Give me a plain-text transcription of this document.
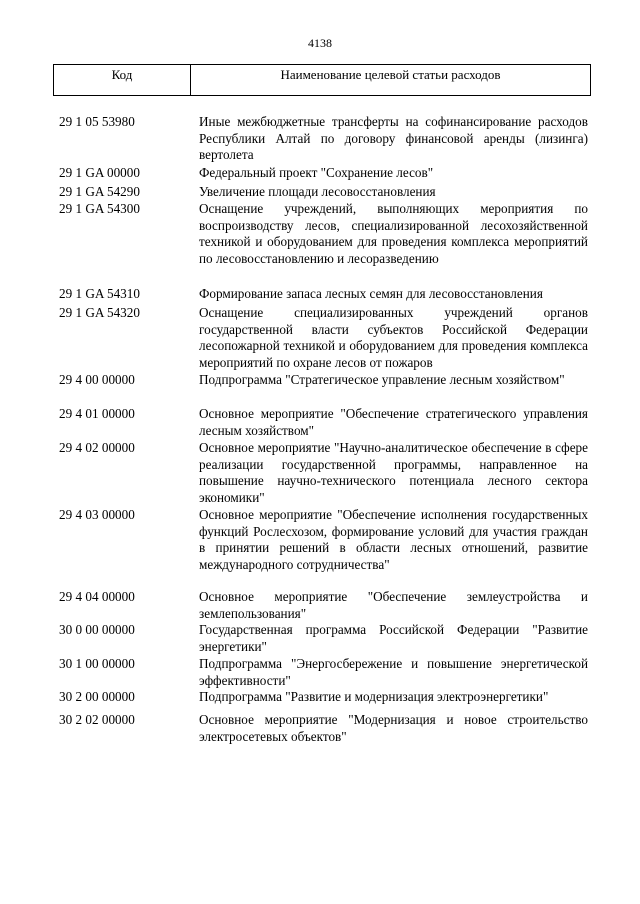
4138
Код	Наименование целевой статьи расходов
29 1 05 53980	Иные межбюджетные трансферты на софинансирование расходов Республики Алтай по договору финансовой аренды (лизинга) вертолета
29 1 GA 00000	Федеральный проект "Сохранение лесов"
29 1 GA 54290	Увеличение площади лесовосстановления
29 1 GA 54300	Оснащение учреждений, выполняющих мероприятия по воспроизводству лесов, специализированной лесохозяйственной техникой и оборудованием для проведения комплекса мероприятий по лесовосстановлению и лесоразведению
29 1 GA 54310	Формирование запаса лесных семян для лесовосстановления
29 1 GA 54320	Оснащение специализированных учреждений органов государственной власти субъектов Российской Федерации лесопожарной техникой и оборудованием для проведения комплекса мероприятий по охране лесов от пожаров
29 4 00 00000	Подпрограмма "Стратегическое управление лесным хозяйством"
29 4 01 00000	Основное мероприятие "Обеспечение стратегического управления лесным хозяйством"
29 4 02 00000	Основное мероприятие "Научно-аналитическое обеспечение в сфере реализации государственной программы, направленное на повышение научно-технического потенциала лесного сектора экономики"
29 4 03 00000	Основное мероприятие "Обеспечение исполнения государственных функций Рослесхозом, формирование условий для участия граждан в принятии решений в области лесных отношений, развитие международного сотрудничества"
29 4 04 00000	Основное мероприятие "Обеспечение землеустройства и землепользования"
30 0 00 00000	Государственная программа Российской Федерации "Развитие энергетики"
30 1 00 00000	Подпрограмма "Энергосбережение и повышение энергетической эффективности"
30 2 00 00000	Подпрограмма "Развитие и модернизация электроэнергетики"
30 2 02 00000	Основное мероприятие "Модернизация и новое строительство электросетевых объектов"
